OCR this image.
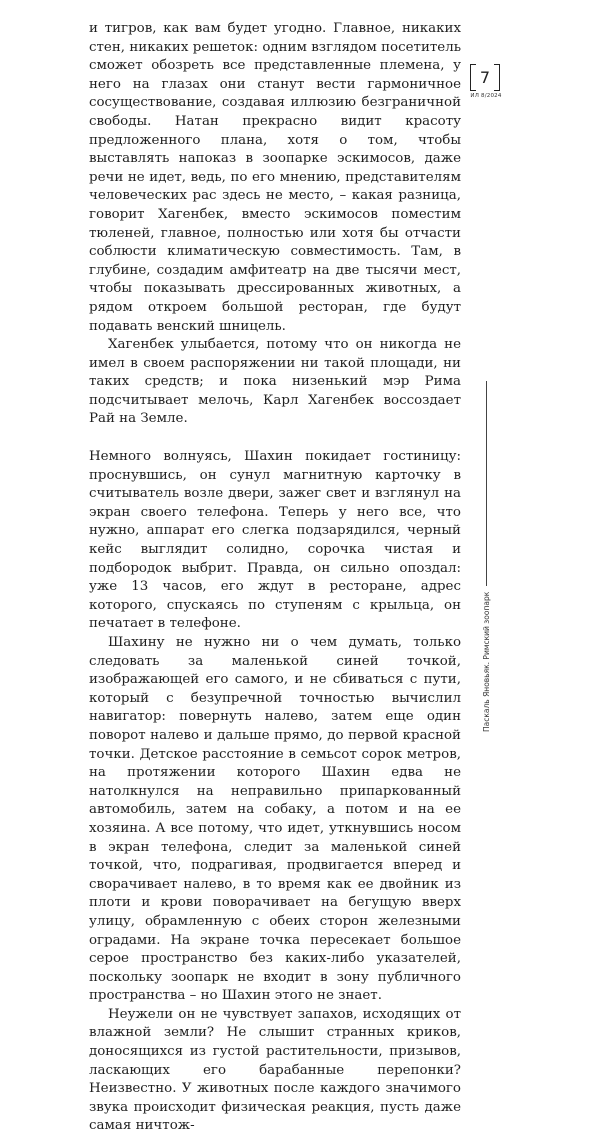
и тигров, как вам будет угодно. Главное, никаких стен, никаких решеток: одним взглядом посетитель сможет обозреть все представленные племена, у него на глазах они станут вести гармоничное сосуществование, создавая иллюзию безграничной свободы. Натан прекрасно видит красоту предложенного плана, хотя о том, чтобы выставлять напоказ в зоопарке эскимосов, даже речи не идет, ведь, по его мнению, представителям человеческих рас здесь не место, – какая разница, говорит Хагенбек, вместо эскимосов поместим тюленей, главное, полностью или хотя бы отчасти соблюсти климатическую совместимость. Там, в глубине, создадим амфитеатр на две тысячи мест, чтобы показывать дрессированных животных, а рядом откроем большой ресторан, где будут подавать венский шницель.

Хагенбек улыбается, потому что он никогда не имел в своем распоряжении ни такой площади, ни таких средств; и пока низенький мэр Рима подсчитывает мелочь, Карл Хагенбек воссоздает Рай на Земле.

Немного волнуясь, Шахин покидает гостиницу: проснувшись, он сунул магнитную карточку в считыватель возле двери, зажег свет и взглянул на экран своего телефона. Теперь у него все, что нужно, аппарат его слегка подзарядился, черный кейс выглядит солидно, сорочка чистая и подбородок выбрит. Правда, он сильно опоздал: уже 13 часов, его ждут в ресторане, адрес которого, спускаясь по ступеням с крыльца, он печатает в телефоне.

Шахину не нужно ни о чем думать, только следовать за маленькой синей точкой, изображающей его самого, и не сбиваться с пути, который с безупречной точностью вычислил навигатор: повернуть налево, затем еще один поворот налево и дальше прямо, до первой красной точки. Детское расстояние в семьсот сорок метров, на протяжении которого Шахин едва не натолкнулся на неправильно припаркованный автомобиль, затем на собаку, а потом и на ее хозяина. А все потому, что идет, уткнувшись носом в экран телефона, следит за маленькой синей точкой, что, подрагивая, продвигается вперед и сворачивает налево, в то время как ее двойник из плоти и крови поворачивает на бегущую вверх улицу, обрамленную с обеих сторон железными оградами. На экране точка пересекает большое серое пространство без каких-либо указателей, поскольку зоопарк не входит в зону публичного пространства – но Шахин этого не знает.

Неужели он не чувствует запахов, исходящих от влажной земли? Не слышит странных криков, доносящихся из густой растительности, призывов, ласкающих его барабанные перепонки? Неизвестно. У животных после каждого значимого звука происходит физическая реакция, пусть даже самая ничтож-

7
ИЛ 8/2024
Паскаль Яновьяк. Римский зоопарк
